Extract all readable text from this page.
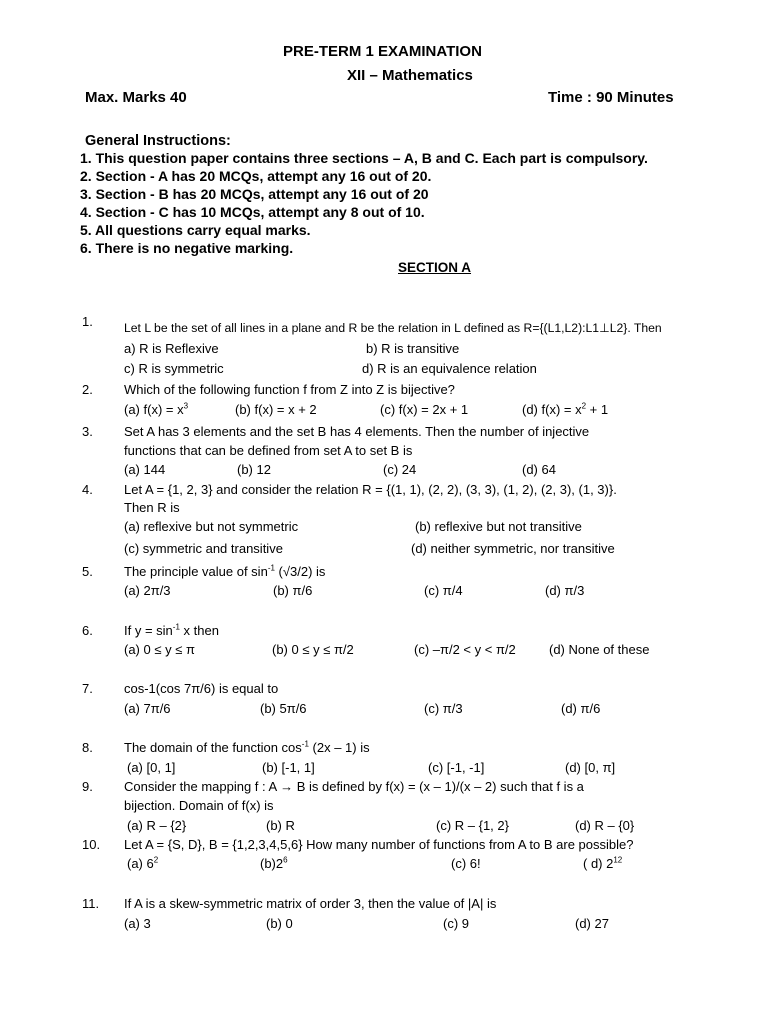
PRE-TERM 1 EXAMINATION
XII – Mathematics
Max. Marks 40	Time : 90 Minutes
General Instructions:
1. This question paper contains three sections – A, B and C. Each part is compulsory.
2. Section - A has 20 MCQs, attempt any 16 out of 20.
3. Section - B has 20 MCQs, attempt any 16 out of 20
4. Section - C has 10 MCQs, attempt any 8 out of 10.
5. All questions carry equal marks.
6. There is no negative marking.
SECTION A
1.	Let L be the set of all lines in a plane and R be the relation in L defined as R={(L1,L2):L1⊥L2}. Then
a) R is Reflexive	b) R is transitive
c) R is symmetric	d) R is an equivalence relation
2. Which of the following function f from Z into Z is bijective?
(a) $f(x) = x^3$	(b) f(x) = x + 2	(c) f(x) = 2x + 1	(d) $f(x) = x^2 + 1$
3. Set A has 3 elements and the set B has 4 elements. Then the number of injective
functions that can be defined from set A to set B is
(a) 144	(b) 12	(c) 24	(d) 64
4. Let A = {1, 2, 3} and consider the relation R = {(1, 1), (2, 2), (3, 3), (1, 2), (2, 3), (1, 3)}.
Then R is
(a) reflexive but not symmetric	(b) reflexive but not transitive
(c) symmetric and transitive	(d) neither symmetric, nor transitive
5. The principle value of $\sin^{-1} (√3/2)$ is
(a) 2π/3	(b) π/6	(c) π/4	(d) π/3
6. If $y = \sin^{-1} x$ then
(a) 0 ≤ y ≤ π	(b) 0 ≤ y ≤ π/2	(c) –π/2 < y < π/2	(d) None of these
7. cos-1(cos 7π/6) is equal to
(a) 7π/6	(b) 5π/6	(c) π/3	(d) π/6
8. The domain of the function $\cos^{-1} (2x - 1)$ is
(a) [0, 1]	(b) [-1, 1]	(c) [-1, -1]	(d) [0, π]
9. Consider the mapping f : A → B is defined by f(x) = (x – 1)/(x – 2) such that f is a
bijection. Domain of f(x) is
(a) R – {2}	(b) R	(c) R – {1, 2}	(d) R – {0}
10. Let A = {S, D}, B = {1,2,3,4,5,6} How many number of functions from A to B are possible?
(a) $6^2$	$(b)2^6$	(c) 6!	( d) $2^{12}$
11. If A is a skew-symmetric matrix of order 3, then the value of |A| is
(a) 3	(b) 0	(c) 9	(d) 27
